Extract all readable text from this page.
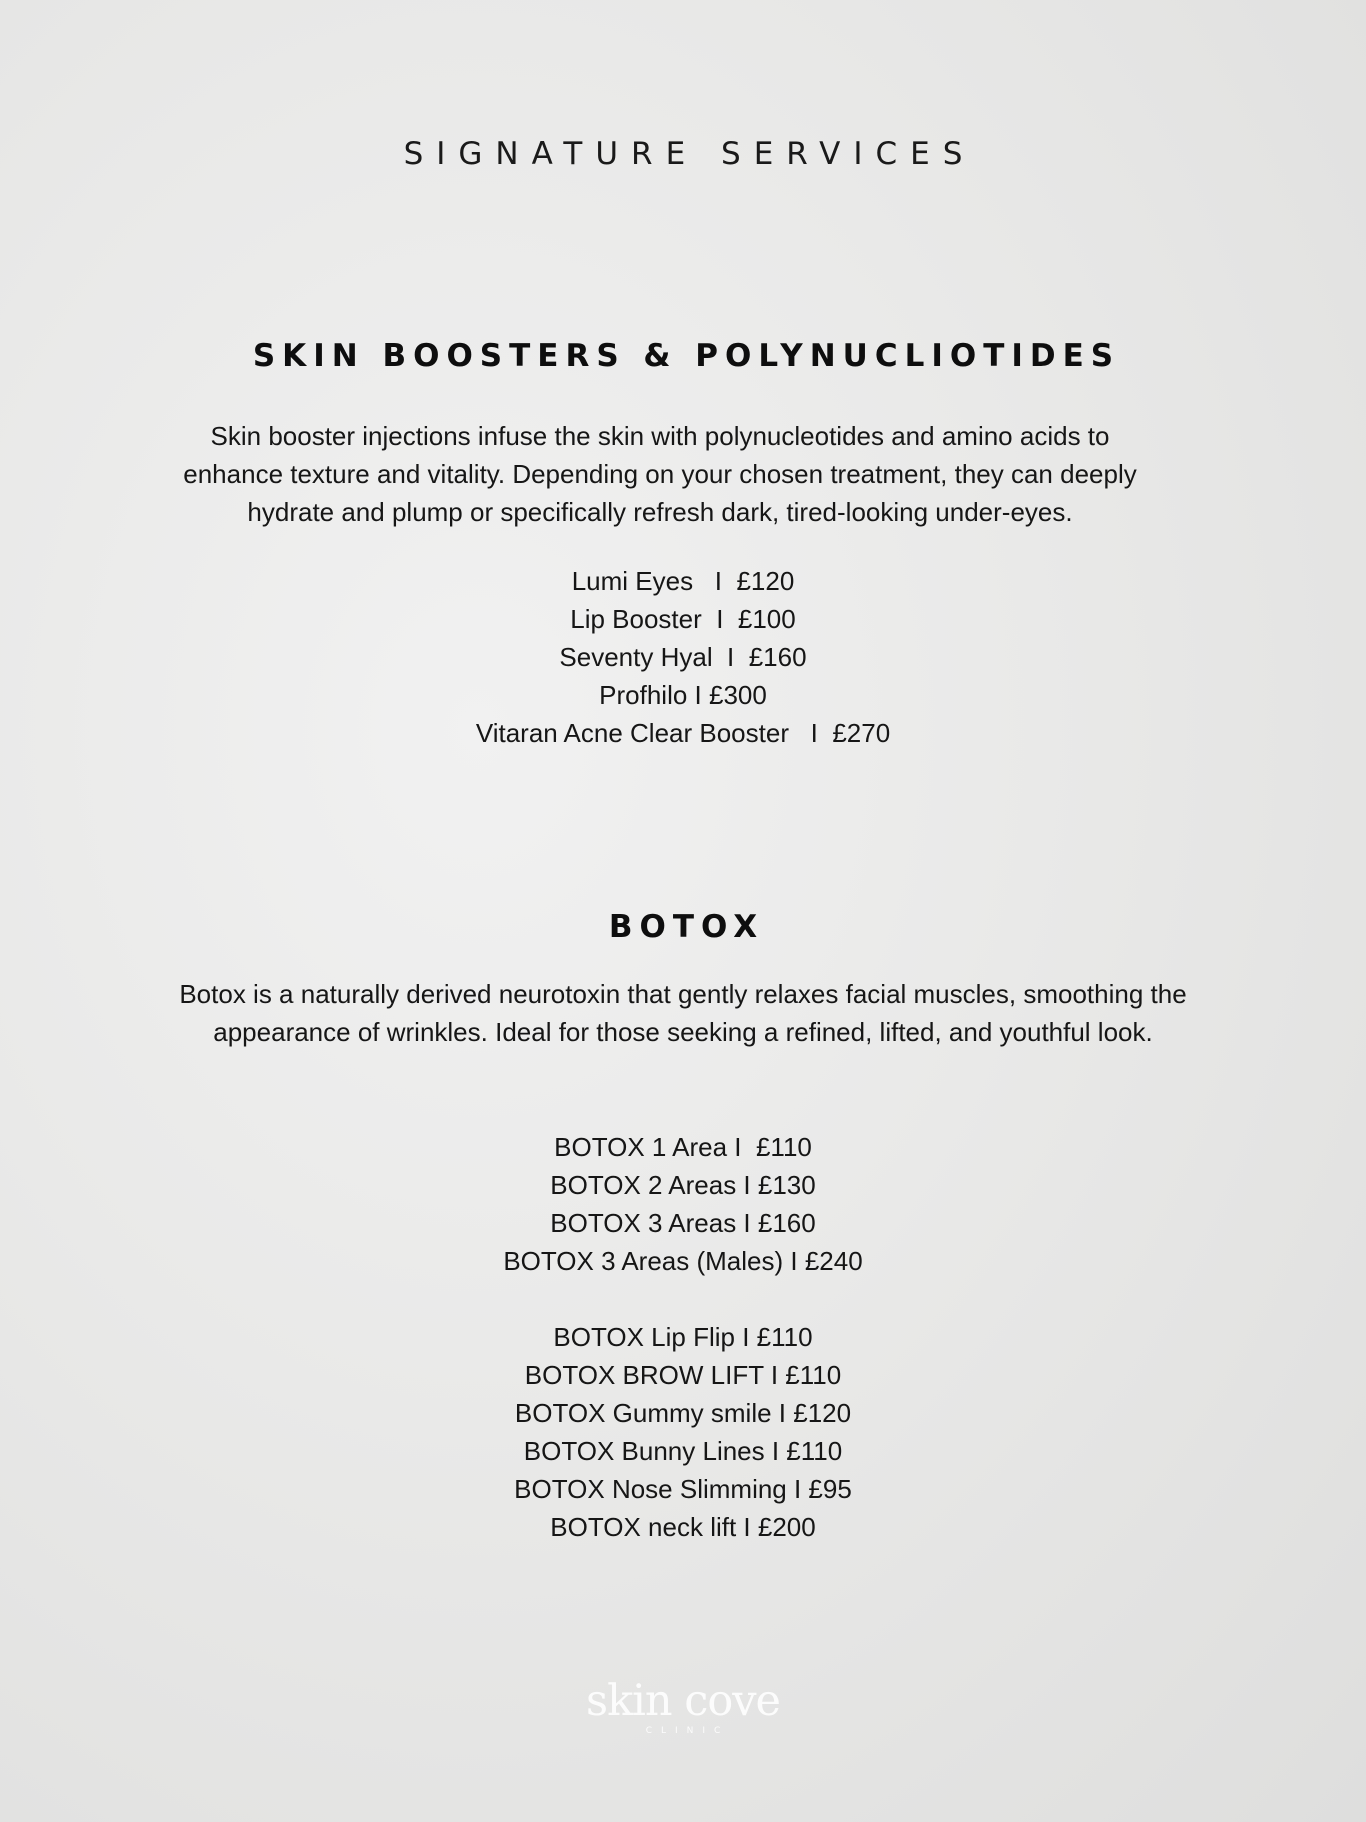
SIGNATURE SERVICES
SKIN BOOSTERS & POLYNUCLIOTIDES

Skin booster injections infuse the skin with polynucleotides and amino acids to enhance texture and vitality. Depending on your chosen treatment, they can deeply hydrate and plump or specifically refresh dark, tired-looking under-eyes.

Lumi Eyes   I  £120
Lip Booster  I  £100
Seventy Hyal  I  £160
Profhilo I £300
Vitaran Acne Clear Booster   I  £270
BOTOX

Botox is a naturally derived neurotoxin that gently relaxes facial muscles, smoothing the appearance of wrinkles. Ideal for those seeking a refined, lifted, and youthful look.

BOTOX 1 Area I  £110
BOTOX 2 Areas I £130
BOTOX 3 Areas I £160
BOTOX 3 Areas (Males) I £240
BOTOX Lip Flip I £110
BOTOX BROW LIFT I £110
BOTOX Gummy smile I £120
BOTOX Bunny Lines I £110
BOTOX Nose Slimming I £95
BOTOX neck lift I £200
skin cove
CLINIC
